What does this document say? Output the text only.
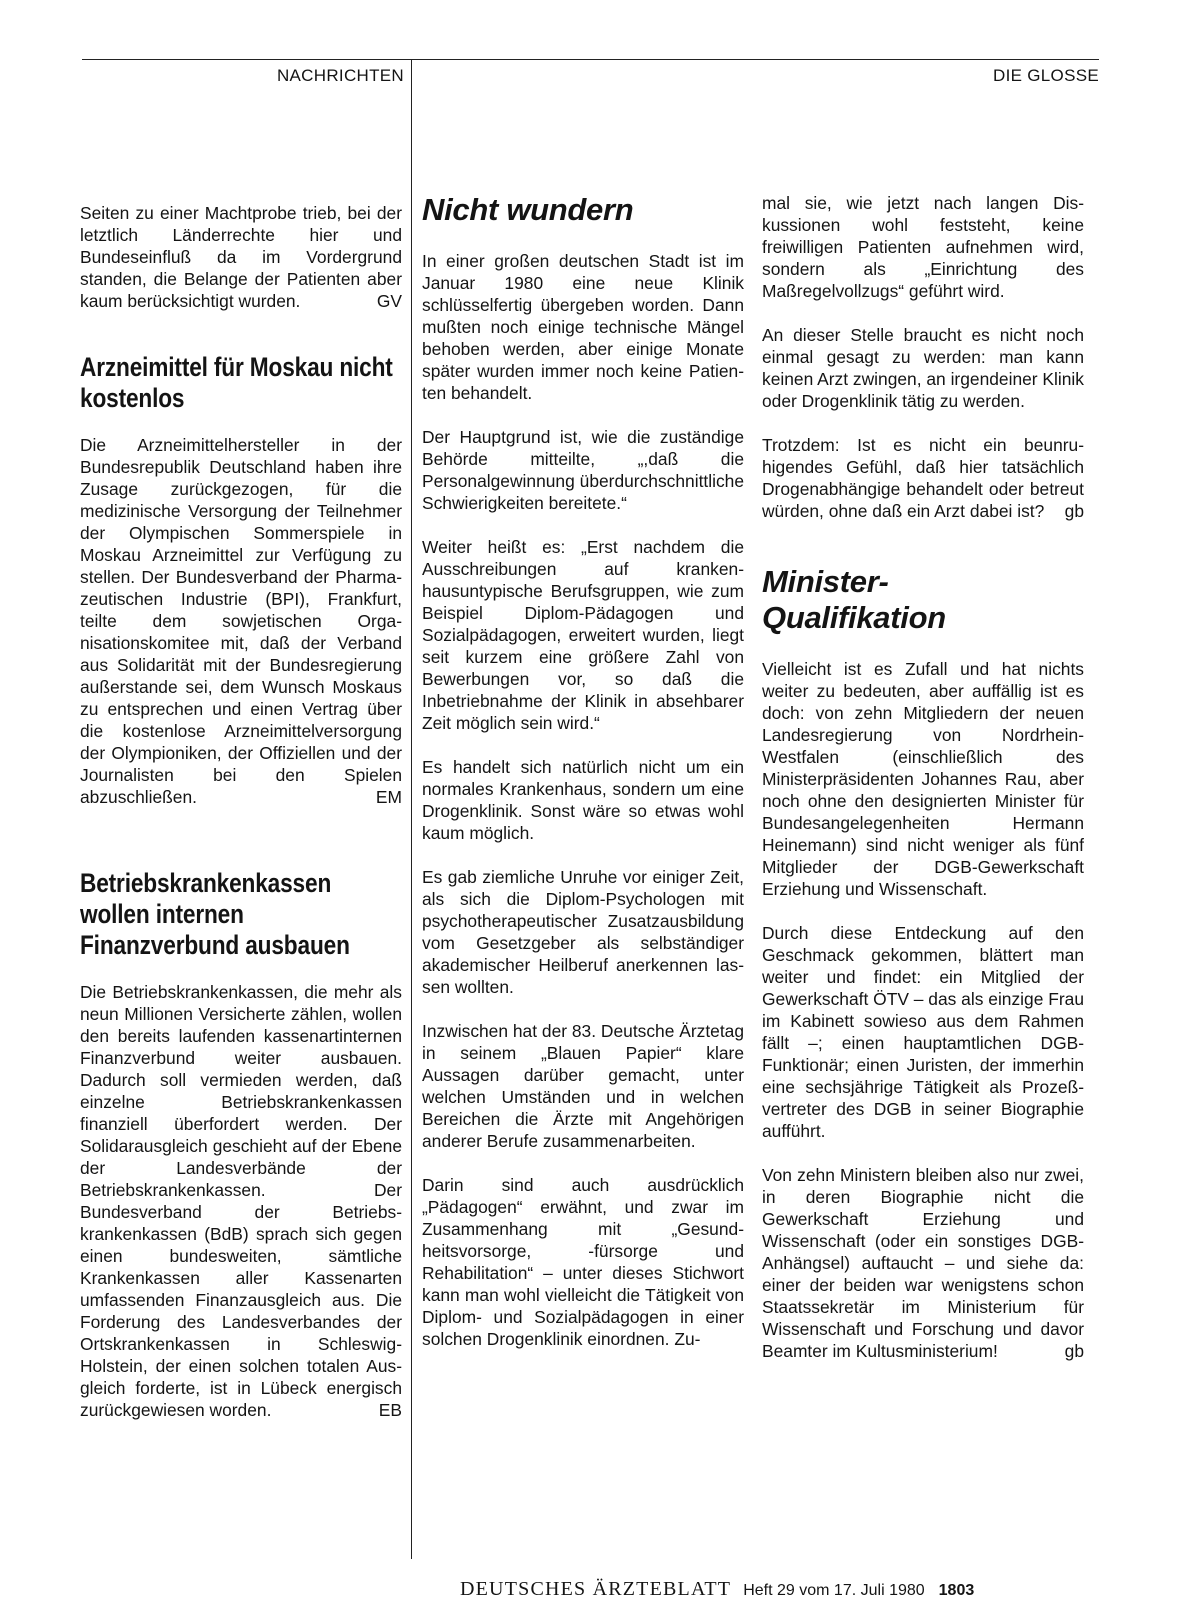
NACHRICHTEN	DIE GLOSSE

Seiten zu einer Machtprobe trieb, bei der letztlich Länderrechte hier und Bundeseinfluß da im Vordergrund standen, die Belange der Patienten aber kaum berücksichtigt wurden.	GV

Arzneimittel für Moskau nicht kostenlos

Die Arzneimittelhersteller in der Bundesrepublik Deutschland haben ihre Zusage zurückgezogen, für die medizinische Versorgung der Teilnehmer der Olympischen Sommerspiele in Moskau Arzneimittel zur Verfügung zu stellen. Der Bundesverband der Pharmazeutischen Industrie (BPI), Frankfurt, teilte dem sowjetischen Organisationskomitee mit, daß der Verband aus Solidarität mit der Bundesregierung außerstande sei, dem Wunsch Moskaus zu entsprechen und einen Vertrag über die kostenlose Arzneimittelversorgung der Olympioniken, der Offiziellen und der Journalisten bei den Spielen abzuschließen.	EM

Betriebskrankenkassen wollen internen Finanzverbund ausbauen

Die Betriebskrankenkassen, die mehr als neun Millionen Versicherte zählen, wollen den bereits laufenden kassenartinternen Finanzverbund weiter ausbauen. Dadurch soll vermieden werden, daß einzelne Betriebskrankenkassen finanziell überfordert werden. Der Solidarausgleich geschieht auf der Ebene der Landesverbände der Betriebskrankenkassen. Der Bundesverband der Betriebskrankenkassen (BdB) sprach sich gegen einen bundesweiten, sämtliche Krankenkassen aller Kassenarten umfassenden Finanzausgleich aus. Die Forderung des Landesverbandes der Ortskrankenkassen in Schleswig-Holstein, der einen solchen totalen Ausgleich forderte, ist in Lübeck energisch zurückgewiesen worden.	EB

Nicht wundern

In einer großen deutschen Stadt ist im Januar 1980 eine neue Klinik schlüsselfertig übergeben worden. Dann mußten noch einige technische Mängel behoben werden, aber einige Monate später wurden immer noch keine Patienten behandelt.

Der Hauptgrund ist, wie die zuständige Behörde mitteilte, „,daß die Personalgewinnung überdurchschnittliche Schwierigkeiten bereitete.“

Weiter heißt es: „Erst nachdem die Ausschreibungen auf krankenhausuntypische Berufsgruppen, wie zum Beispiel Diplom-Pädagogen und Sozialpädagogen, erweitert wurden, liegt seit kurzem eine größere Zahl von Bewerbungen vor, so daß die Inbetriebnahme der Klinik in absehbarer Zeit möglich sein wird.“

Es handelt sich natürlich nicht um ein normales Krankenhaus, sondern um eine Drogenklinik. Sonst wäre so etwas wohl kaum möglich.

Es gab ziemliche Unruhe vor einiger Zeit, als sich die Diplom-Psychologen mit psychotherapeutischer Zusatzausbildung vom Gesetzgeber als selbständiger akademischer Heilberuf anerkennen lassen wollten.

Inzwischen hat der 83. Deutsche Ärztetag in seinem „Blauen Papier“ klare Aussagen darüber gemacht, unter welchen Umständen und in welchen Bereichen die Ärzte mit Angehörigen anderer Berufe zusammenarbeiten.

Darin sind auch ausdrücklich „Pädagogen“ erwähnt, und zwar im Zusammenhang mit „Gesundheitsvorsorge, -fürsorge und Rehabilitation“ – unter dieses Stichwort kann man wohl vielleicht die Tätigkeit von Diplom- und Sozialpädagogen in einer solchen Drogenklinik einordnen. Zu-

mal sie, wie jetzt nach langen Diskussionen wohl feststeht, keine freiwilligen Patienten aufnehmen wird, sondern als „Einrichtung des Maßregelvollzugs“ geführt wird.

An dieser Stelle braucht es nicht noch einmal gesagt zu werden: man kann keinen Arzt zwingen, an irgendeiner Klinik oder Drogenklinik tätig zu werden.

Trotzdem: Ist es nicht ein beunruhigendes Gefühl, daß hier tatsächlich Drogenabhängige behandelt oder betreut würden, ohne daß ein Arzt dabei ist? gb

Minister-Qualifikation

Vielleicht ist es Zufall und hat nichts weiter zu bedeuten, aber auffällig ist es doch: von zehn Mitgliedern der neuen Landesregierung von Nordrhein-Westfalen (einschließlich des Ministerpräsidenten Johannes Rau, aber noch ohne den designierten Minister für Bundesangelegenheiten Hermann Heinemann) sind nicht weniger als fünf Mitglieder der DGB-Gewerkschaft Erziehung und Wissenschaft.

Durch diese Entdeckung auf den Geschmack gekommen, blättert man weiter und findet: ein Mitglied der Gewerkschaft ÖTV – das als einzige Frau im Kabinett sowieso aus dem Rahmen fällt –; einen hauptamtlichen DGB-Funktionär; einen Juristen, der immerhin eine sechsjährige Tätigkeit als Prozeßvertreter des DGB in seiner Biographie aufführt.

Von zehn Ministern bleiben also nur zwei, in deren Biographie nicht die Gewerkschaft Erziehung und Wissenschaft (oder ein sonstiges DGB-Anhängsel) auftaucht – und siehe da: einer der beiden war wenigstens schon Staatssekretär im Ministerium für Wissenschaft und Forschung und davor Beamter im Kultusministerium!	gb

DEUTSCHES ÄRZTEBLATT Heft 29 vom 17. Juli 1980 1803
